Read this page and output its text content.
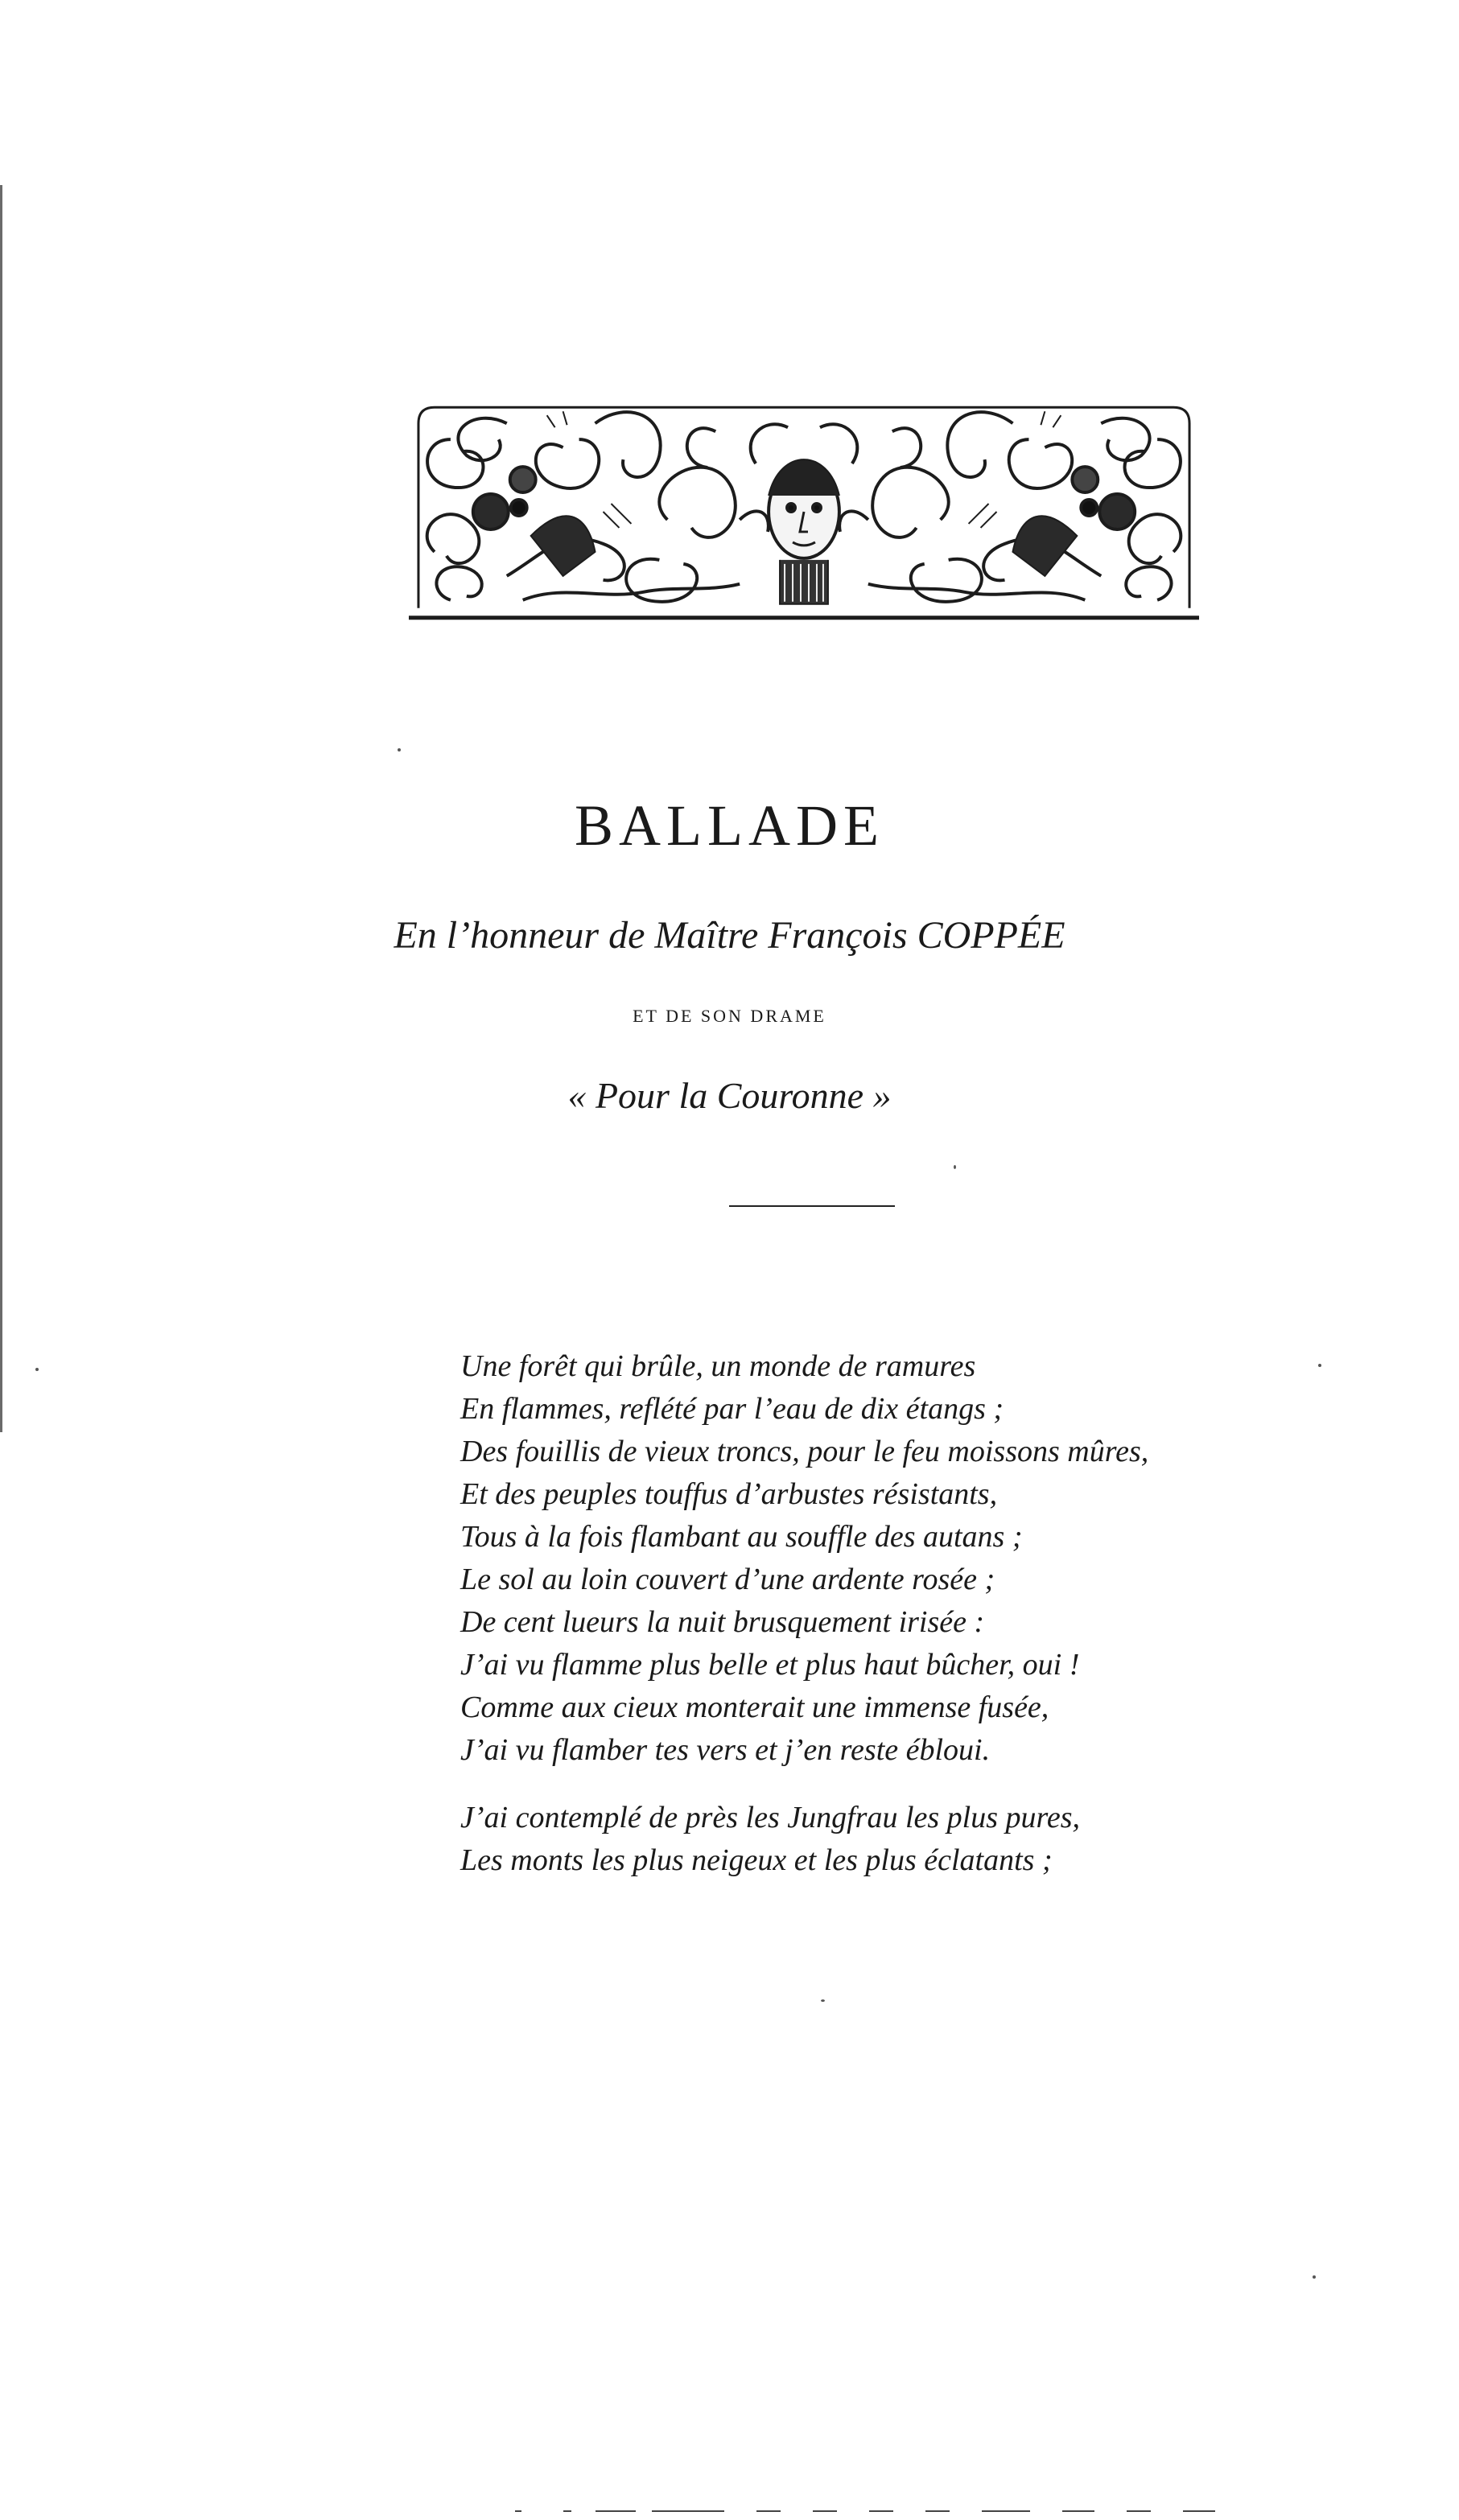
BALLADE
En l’honneur de Maître François COPPÉE
ET DE SON DRAME
« Pour la Couronne »
Une forêt qui brûle, un monde de ramures
En flammes, reflété par l’eau de dix étangs ;
Des fouillis de vieux troncs, pour le feu moissons mûres,
Et des peuples touffus d’arbustes résistants,
Tous à la fois flambant au souffle des autans ;
Le sol au loin couvert d’une ardente rosée ;
De cent lueurs la nuit brusquement irisée :
J’ai vu flamme plus belle et plus haut bûcher, oui !
Comme aux cieux monterait une immense fusée,
J’ai vu flamber tes vers et j’en reste ébloui.
J’ai contemplé de près les Jungfrau les plus pures,
Les monts les plus neigeux et les plus éclatants ;
